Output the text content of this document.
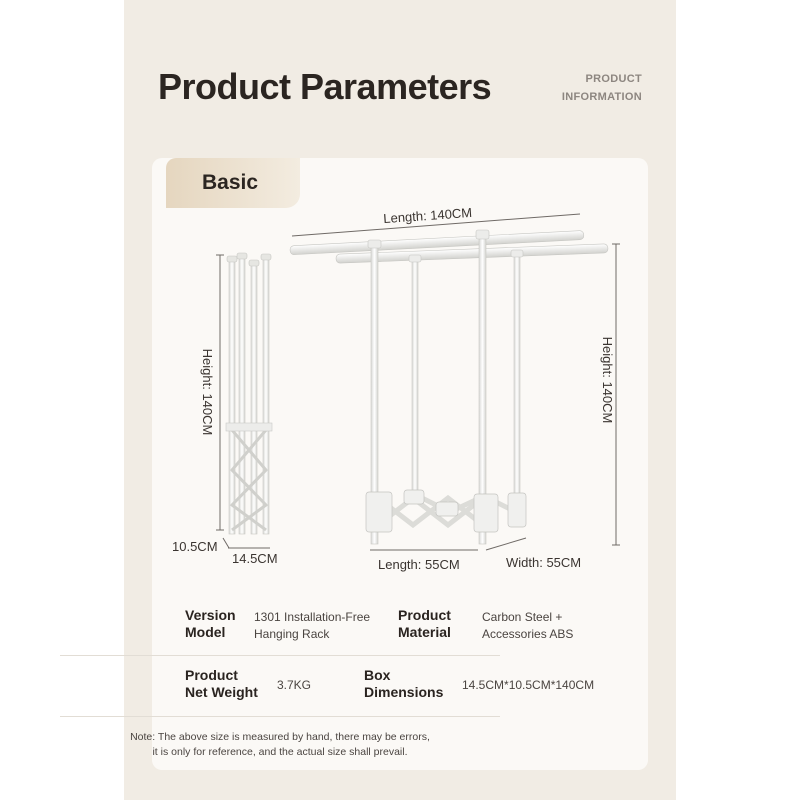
Product Parameters	PRODUCT
INFORMATION
Basic
Height: 140CM
10.5CM
14.5CM
Length: 140CM
Height: 140CM
Length: 55CM	Width: 55CM
Version
Model
1301 Installation-Free
Hanging Rack
Product
Material
Carbon Steel +
Accessories ABS
Product
Net Weight 3.7KG
Box
Dimensions 14.5CM*10.5CM*140CM
Note: The above size is measured by hand, there may be errors,
it is only for reference, and the actual size shall prevail.
